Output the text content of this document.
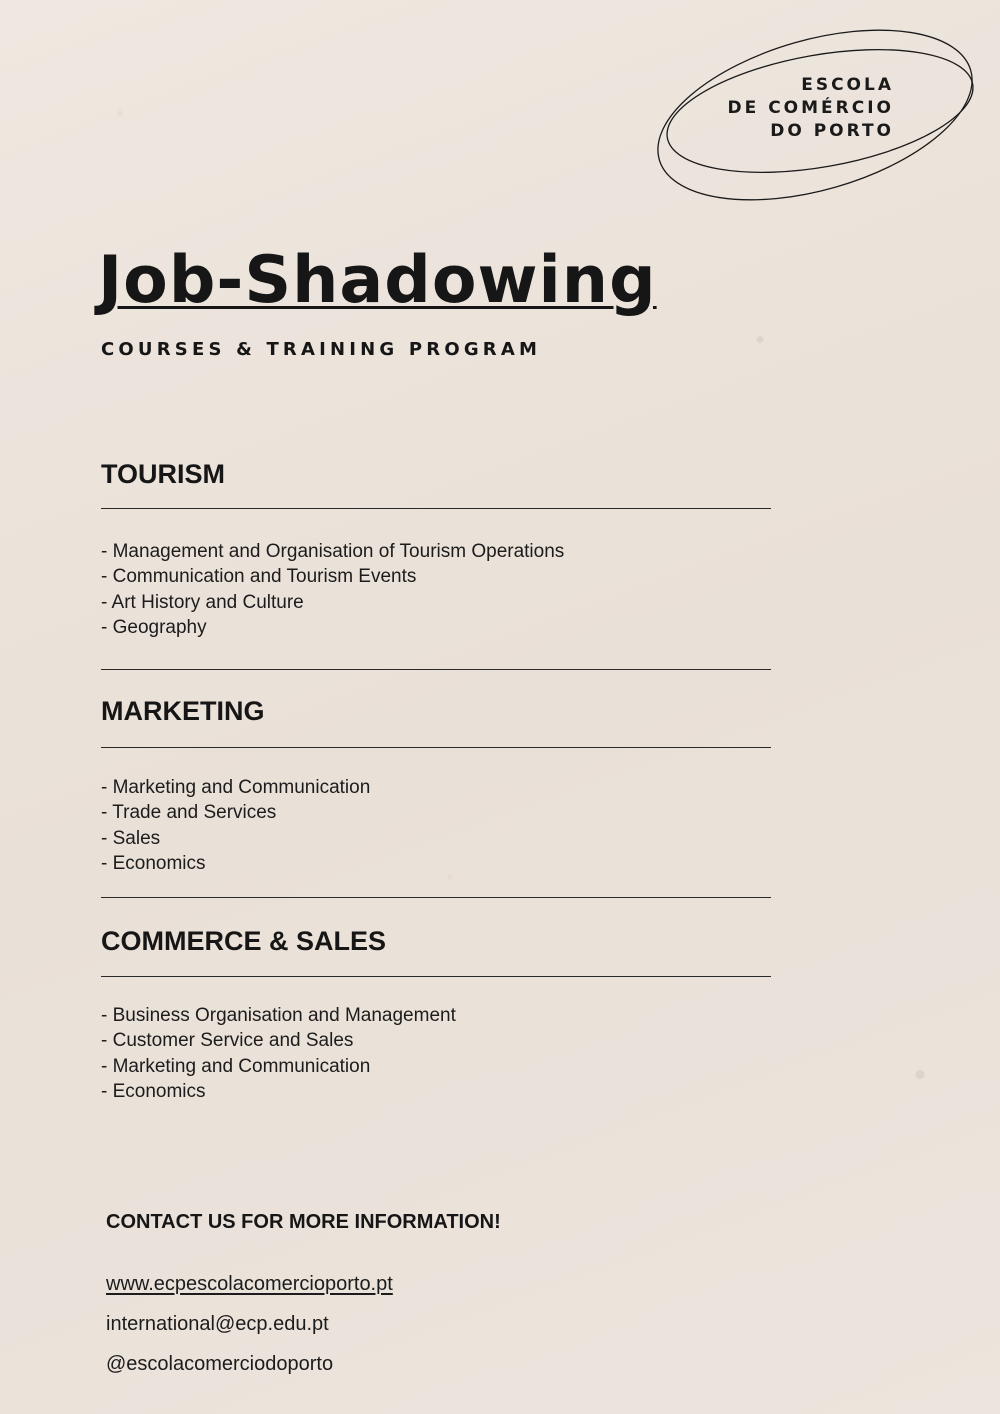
ESCOLA
DE COMÉRCIO
DO PORTO
Job-Shadowing
COURSES & TRAINING PROGRAM
TOURISM
- Management and Organisation of Tourism Operations
- Communication and Tourism Events
- Art History and Culture
- Geography
MARKETING
- Marketing and Communication
- Trade and Services
- Sales
- Economics
COMMERCE & SALES
- Business Organisation and Management
- Customer Service and Sales
- Marketing and Communication
- Economics
CONTACT US FOR MORE INFORMATION!
www.ecpescolacomercioporto.pt
international@ecp.edu.pt
@escolacomerciodoporto
